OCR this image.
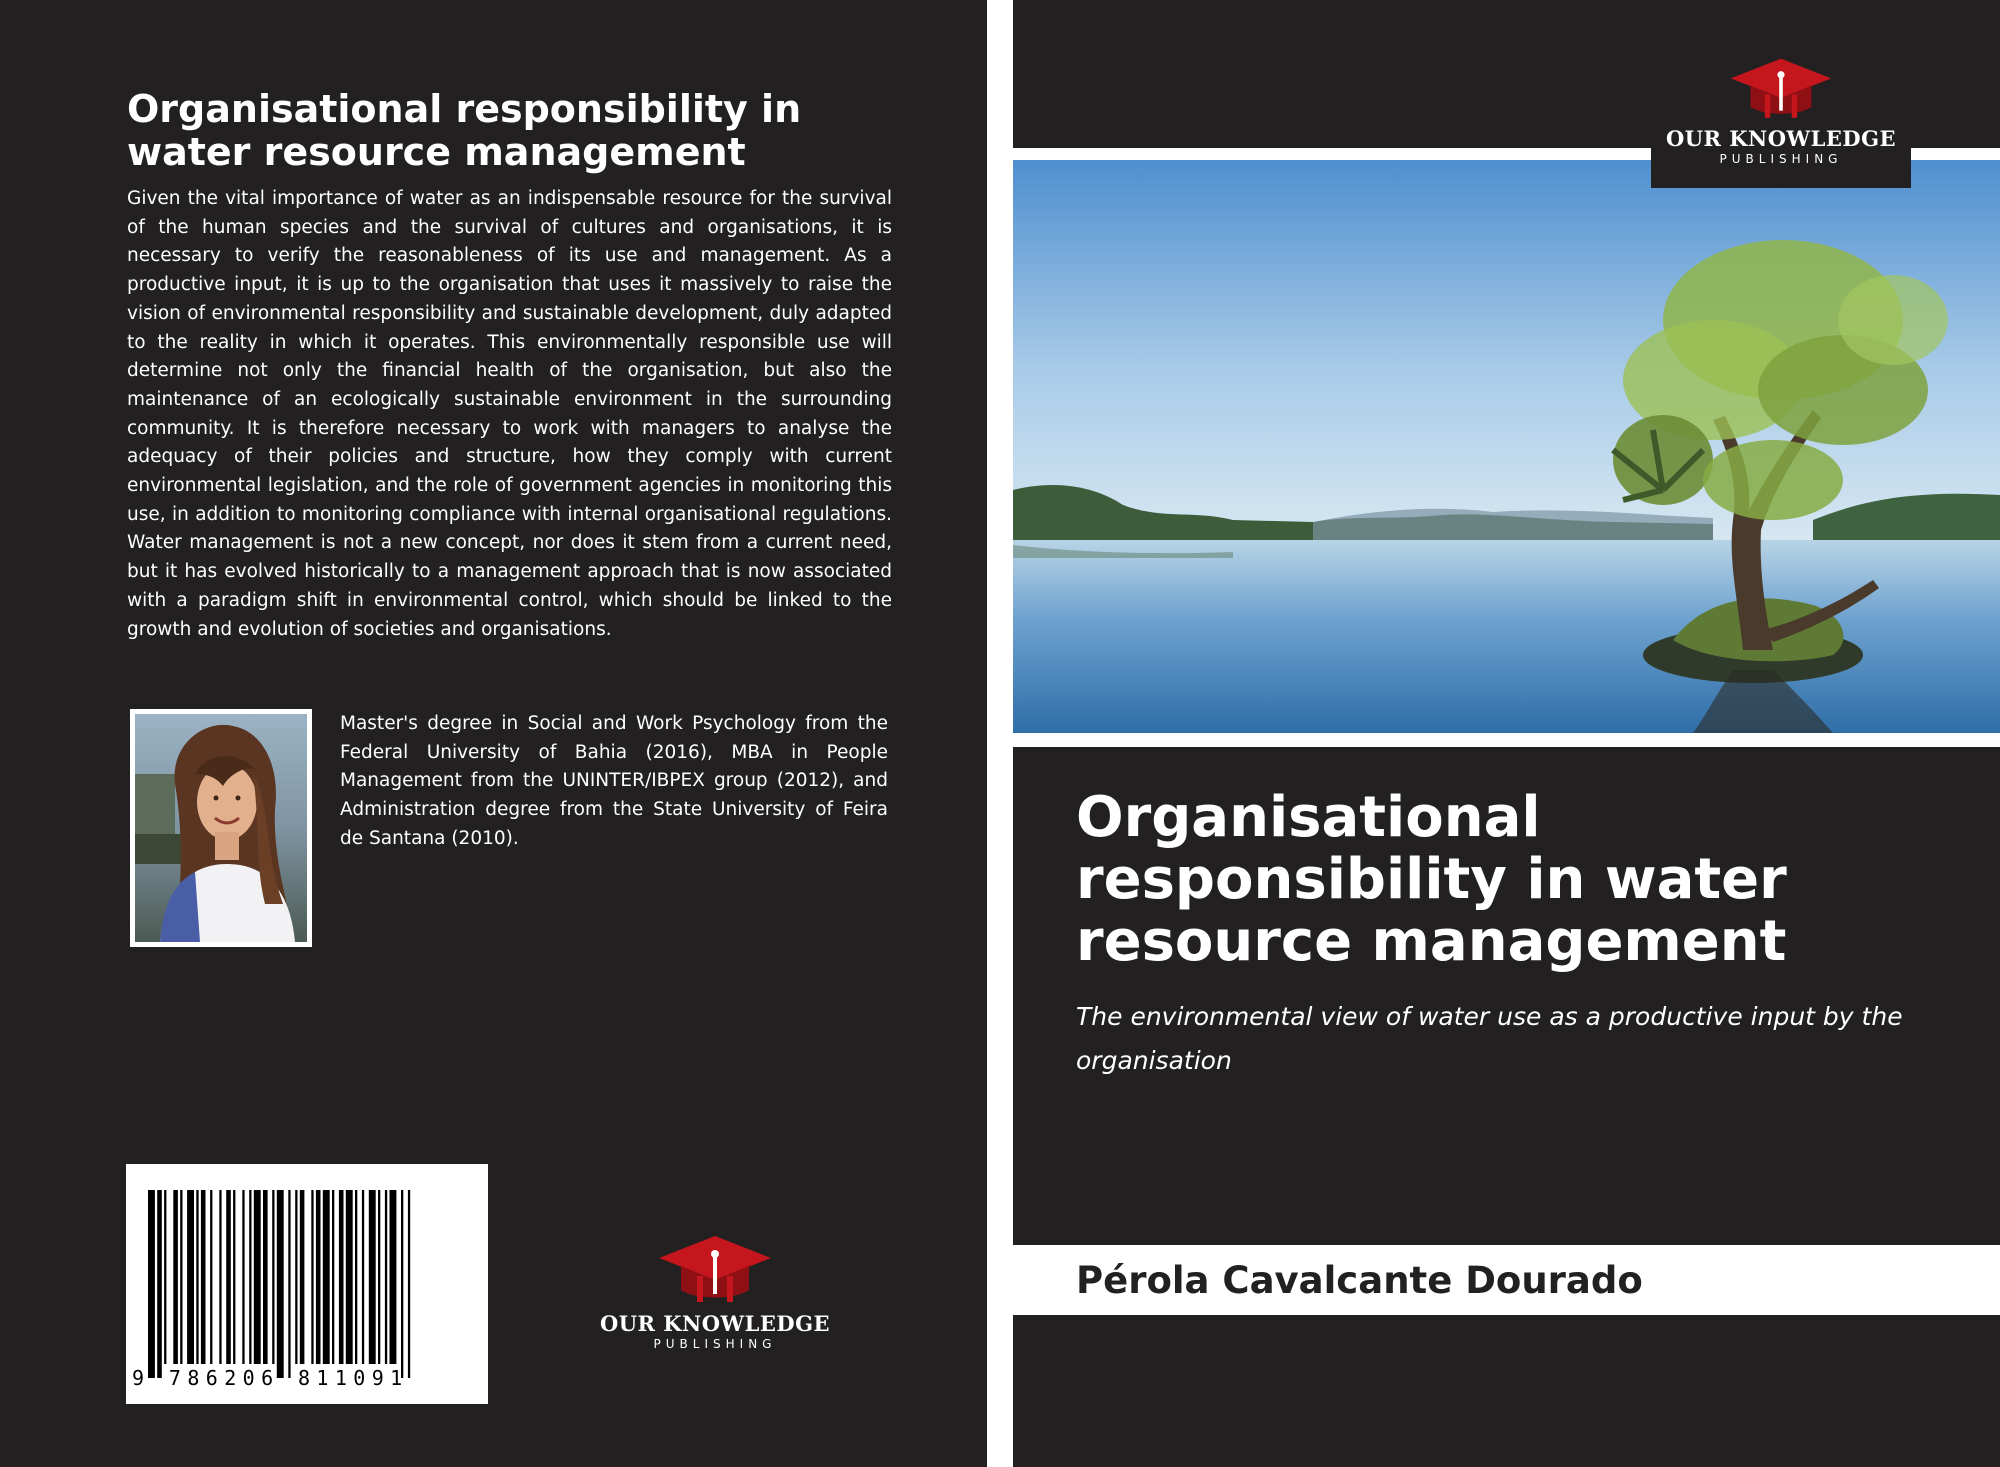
Organisational responsibility in water resource management

Given the vital importance of water as an indispensable resource for the survival of the human species and the survival of cultures and organisations, it is necessary to verify the reasonableness of its use and management. As a productive input, it is up to the organisation that uses it massively to raise the vision of environmental responsibility and sustainable development, duly adapted to the reality in which it operates. This environmentally responsible use will determine not only the financial health of the organisation, but also the maintenance of an ecologically sustainable environment in the surrounding community. It is therefore necessary to work with managers to analyse the adequacy of their policies and structure, how they comply with current environmental legislation, and the role of government agencies in monitoring this use, in addition to monitoring compliance with internal organisational regulations. Water management is not a new concept, nor does it stem from a current need, but it has evolved historically to a management approach that is now associated with a paradigm shift in environmental control, which should be linked to the growth and evolution of societies and organisations.

Master's degree in Social and Work Psychology from the Federal University of Bahia (2016), MBA in People Management from the UNINTER/IBPEX group (2012), and Administration degree from the State University of Feira de Santana (2010).

9 786206 811091
OUR KNOWLEDGE
PUBLISHING
OUR KNOWLEDGE
PUBLISHING
Organisational responsibility in water resource management

The environmental view of water use as a productive input by the organisation

Pérola Cavalcante Dourado
